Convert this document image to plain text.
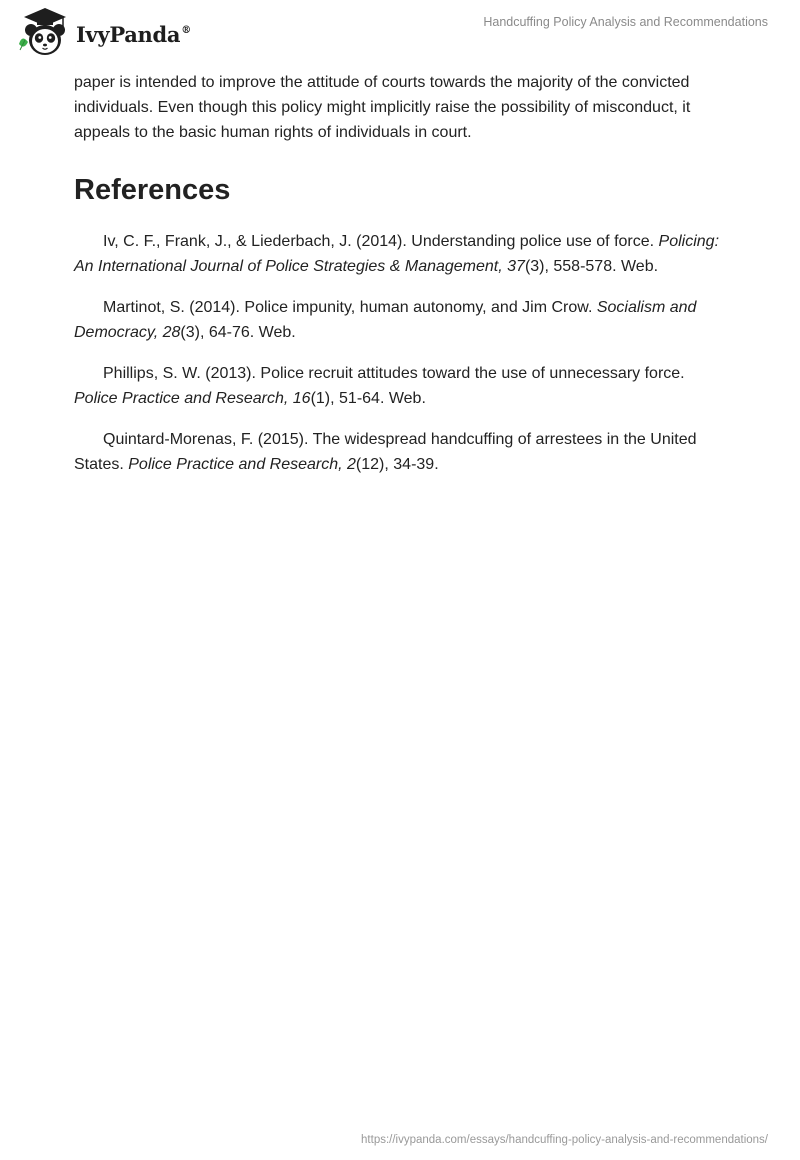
IvyPanda®
Handcuffing Policy Analysis and Recommendations

paper is intended to improve the attitude of courts towards the majority of the convicted individuals. Even though this policy might implicitly raise the possibility of misconduct, it appeals to the basic human rights of individuals in court.

References

Iv, C. F., Frank, J., & Liederbach, J. (2014). Understanding police use of force. Policing: An International Journal of Police Strategies & Management, 37(3), 558-578. Web.

Martinot, S. (2014). Police impunity, human autonomy, and Jim Crow. Socialism and Democracy, 28(3), 64-76. Web.

Phillips, S. W. (2013). Police recruit attitudes toward the use of unnecessary force. Police Practice and Research, 16(1), 51-64. Web.

Quintard-Morenas, F. (2015). The widespread handcuffing of arrestees in the United States. Police Practice and Research, 2(12), 34-39.

https://ivypanda.com/essays/handcuffing-policy-analysis-and-recommendations/
